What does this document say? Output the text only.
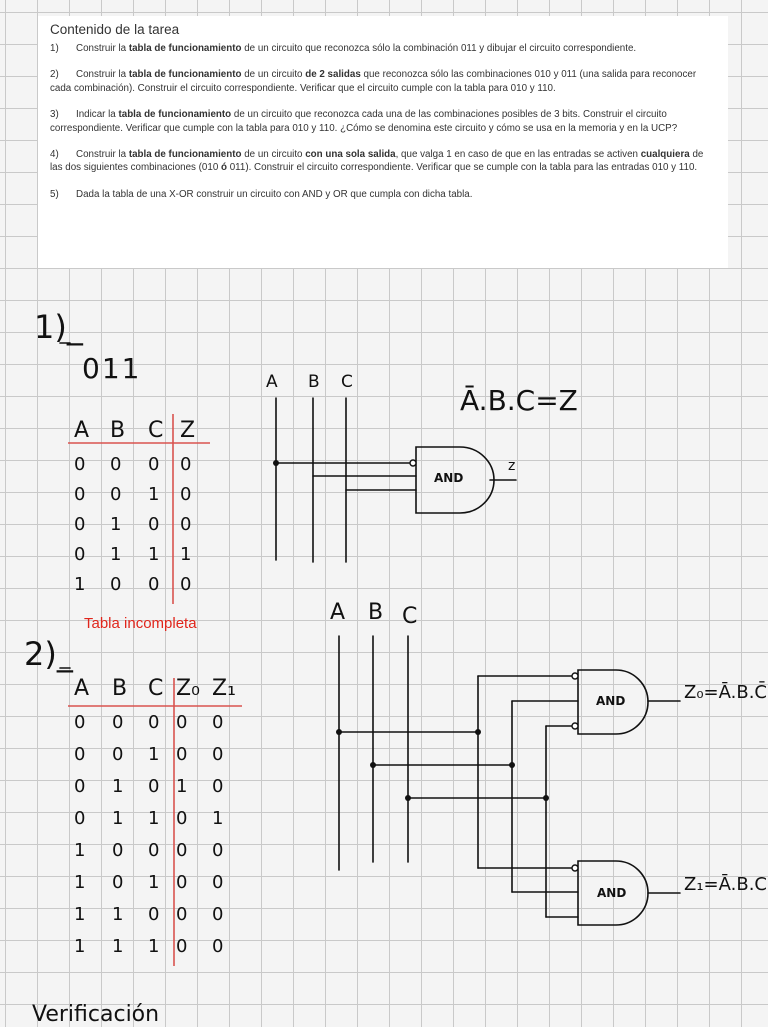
Contenido de la tarea
1) Construir la tabla de funcionamiento de un circuito que reconozca sólo la combinación 011 y dibujar el circuito correspondiente.
2) Construir la tabla de funcionamiento de un circuito de 2 salidas que reconozca sólo las combinaciones 010 y 011 (una salida para reconocer cada combinación). Construir el circuito correspondiente. Verificar que el circuito cumple con la tabla para 010 y 110.
3) Indicar la tabla de funcionamiento de un circuito que reconozca cada una de las combinaciones posibles de 3 bits. Construir el circuito correspondiente. Verificar que cumple con la tabla para 010 y 110. ¿Cómo se denomina este circuito y cómo se usa en la memoria y en la UCP?
4) Construir la tabla de funcionamiento de un circuito con una sola salida, que valga 1 en caso de que en las entradas se activen cualquiera de las dos siguientes combinaciones (010 ó 011). Construir el circuito correspondiente. Verificar que se cumple con la tabla para las entradas 010 y 110.
5) Dada la tabla de una X-OR construir un circuito con AND y OR que cumpla con dicha tabla.
1)_
011	A B C
Ā.B.C=Z
AND
z
A B C Z
0 0 0 0
0 0 1 0
0 1 0 0
0 1 1 1
1 0 0 0
Tabla incompleta
2)_
A B C
A B C Z₀ Z₁
0 0 0 0 0
0 0 1 0 0
0 1 0 1 0
0 1 1 0 1
1 0 0 0 0
1 0 1 0 0
1 1 0 0 0
1 1 1 0 0
AND
AND
Z₀=Ā.B.C̄
Z₁=Ā.B.C
Verificación
